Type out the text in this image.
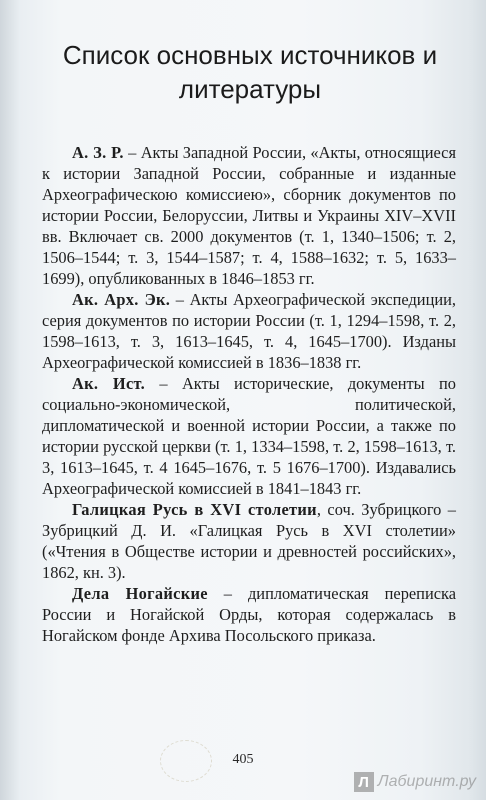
Список основных источников и литературы

А. З. Р. – Акты Западной России, «Акты, относящиеся к истории Западной России, собранные и изданные Археографическою комиссиею», сборник документов по истории России, Белоруссии, Литвы и Украины XIV–XVII вв. Включает св. 2000 документов (т. 1, 1340–1506; т. 2, 1506–1544; т. 3, 1544–1587; т. 4, 1588–1632; т. 5, 1633–1699), опубликованных в 1846–1853 гг.

Ак. Арх. Эк. – Акты Археографической экспедиции, серия документов по истории России (т. 1, 1294–1598, т. 2, 1598–1613, т. 3, 1613–1645, т. 4, 1645–1700). Изданы Археографической комиссией в 1836–1838 гг.

Ак. Ист. – Акты исторические, документы по социально-экономической, политической, дипломатической и военной истории России, а также по истории русской церкви (т. 1, 1334–1598, т. 2, 1598–1613, т. 3, 1613–1645, т. 4 1645–1676, т. 5 1676–1700). Издавались Археографической комиссией в 1841–1843 гг.

Галицкая Русь в XVI столетии, соч. Зубрицкого – Зубрицкий Д. И. «Галицкая Русь в XVI столетии» («Чтения в Обществе истории и древностей российских», 1862, кн. 3).

Дела Ногайские – дипломатическая переписка России и Ногайской Орды, которая содержалась в Ногайском фонде Архива Посольского приказа.

405
Л Лабиринт.ру
